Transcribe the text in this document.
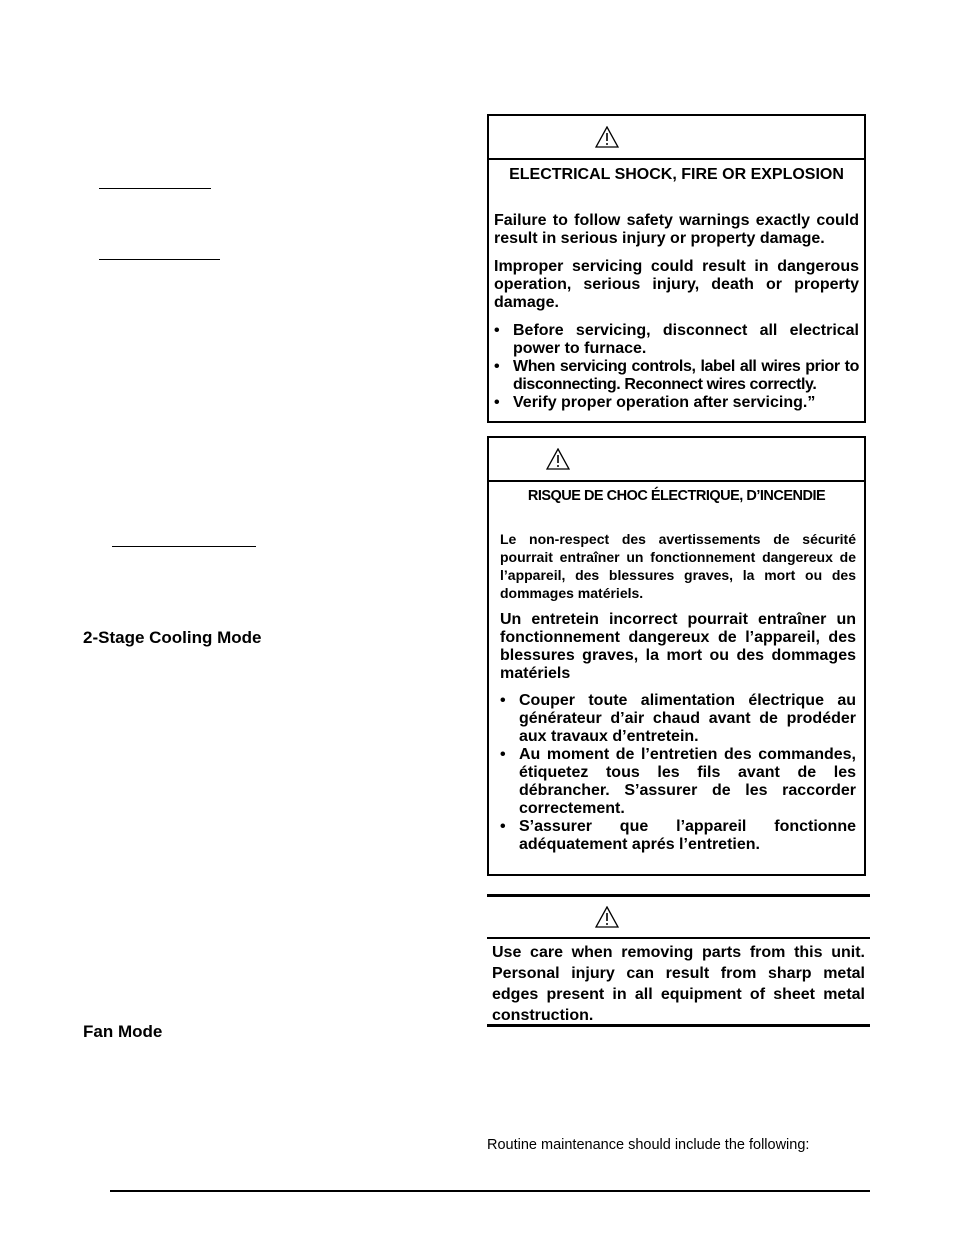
2-Stage Cooling Mode
Fan Mode
ELECTRICAL SHOCK, FIRE OR EXPLOSION

Failure to follow safety warnings exactly could result in serious injury or property damage.

Improper servicing could result in dangerous operation, serious injury, death or property damage.

• Before servicing, disconnect all electrical power to furnace.
• When servicing controls, label all wires prior to disconnecting. Reconnect wires correctly.
• Verify proper operation after servicing.”
RISQUE DE CHOC ÉLECTRIQUE, D’INCENDIE

Le non-respect des avertissements de sécurité pourrait entraîner un fonctionnement dangereux de l’appareil, des blessures graves, la mort ou des dommages matériels.

Un entretein incorrect pourrait entraîner un fonctionnement dangereux de l’appareil, des blessures graves, la mort ou des dommages matériels

• Couper toute alimentation électrique au générateur d’air chaud avant de prodéder aux travaux d’entretein.
• Au moment de l’entretien des commandes, étiquetez tous les fils avant de les débrancher. S’assurer de les raccorder correctement.
• S’assurer que l’appareil fonctionne adéquatement aprés l’entretien.

Use care when removing parts from this unit. Personal injury can result from sharp metal edges present in all equipment of sheet metal construction.

Routine maintenance should include the following:
